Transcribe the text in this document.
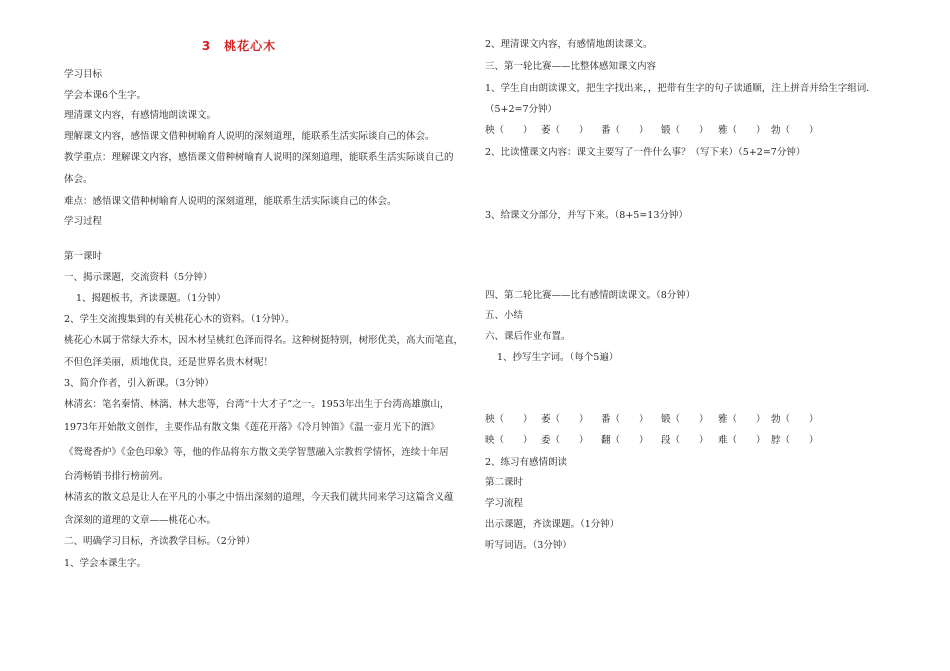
3　桃花心木
学习目标
学会本课6个生字。
理清课文内容，有感情地朗读课文。
理解课文内容，感悟课文借种树喻育人说明的深刻道理，能联系生活实际谈自己的体会。
教学重点：理解课文内容，感悟课文借种树喻育人说明的深刻道理，能联系生活实际谈自己的
体会。
难点：感悟课文借种树喻育人说明的深刻道理，能联系生活实际谈自己的体会。
学习过程
第一课时
一、揭示课题，交流资料（5分钟）
1、揭题板书，齐读课题。（1分钟）
2、学生交流搜集到的有关桃花心木的资料。（1分钟）。
桃花心木属于常绿大乔木，因木材呈桃红色泽而得名。这种树挺特别，树形优美，高大而笔直，
不但色泽美丽，质地优良，还是世界名贵木材呢！
3、简介作者，引入新课。（3分钟）
林清玄：笔名秦情、林漓、林大悲等，台湾“十大才子”之一。1953年出生于台湾高雄旗山，
1973年开始散文创作，主要作品有散文集《莲花开落》《冷月钟笛》《温一壶月光下的酒》
《鸳鸯香炉》《金色印象》等，他的作品将东方散文美学智慧融入宗教哲学情怀，连续十年居
台湾畅销书排行榜前列。
林清玄的散文总是让人在平凡的小事之中悟出深刻的道理，今天我们就共同来学习这篇含义蕴
含深刻的道理的文章——桃花心木。
二、明确学习目标，齐读教学目标。（2分钟）
1、学会本课生字。
2、理清课文内容，有感情地朗读课文。
三、第一轮比赛——比整体感知课文内容
1、学生自由朗读课文，把生字找出来，，把带有生字的句子读通顺，注上拼音并给生字组词．
（5+2=7分钟）
秧（　　） 萎（　　） 番（　　） 锻（　　） 雅（　　） 勃（　　）
2、比读懂课文内容：课文主要写了一件什么事？（写下来）（5+2=7分钟）
3、给课文分部分，并写下来。（8+5=13分钟）
四、第二轮比赛——比有感情朗读课文。（8分钟）
五、小结
六、课后作业布置。
1、抄写生字词。（每个5遍）
秧（　　） 萎（　　） 番（　　） 锻（　　） 雅（　　） 勃（　　）
映（　　） 委（　　） 翻（　　） 段（　　） 难（　　） 脖（　　）
2、练习有感情朗读
第二课时
学习流程
出示课题，齐读课题。（1分钟）
听写词语。（3分钟）
